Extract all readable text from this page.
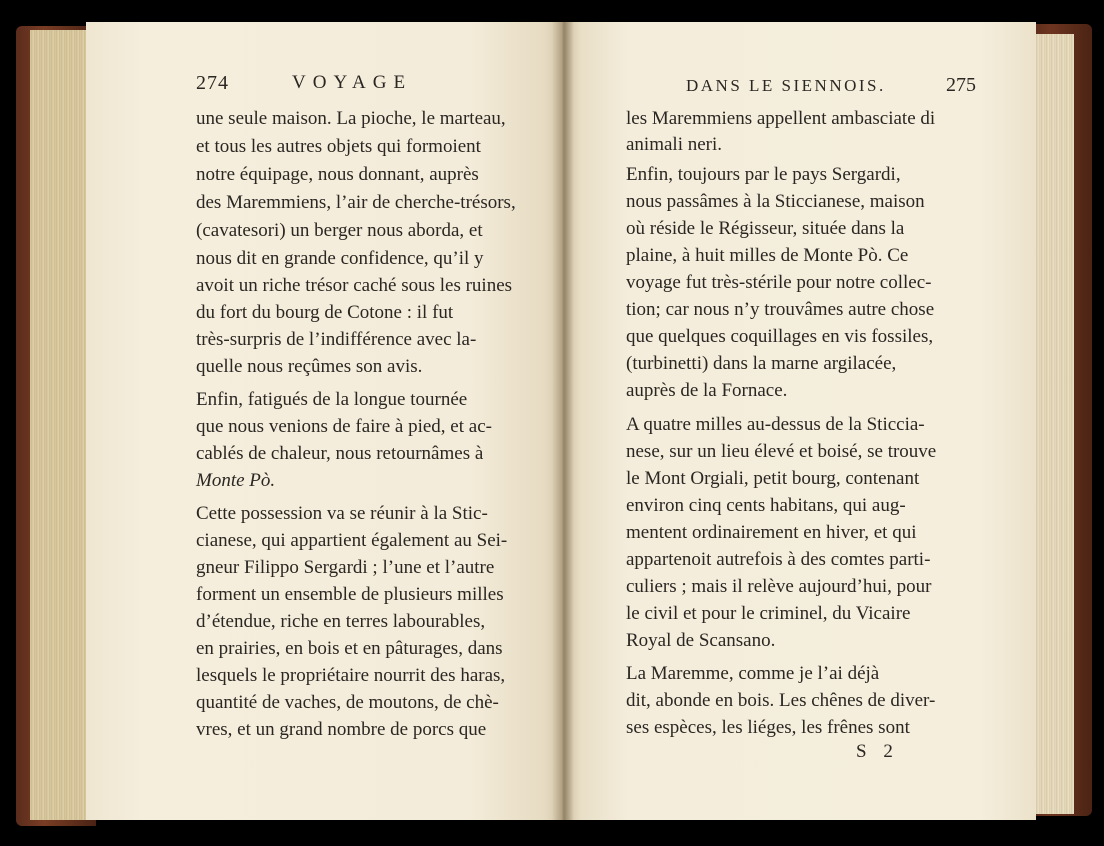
274	VOYAGE	DANS LE SIENNOIS.	275
une seule maison. La pioche, le marteau,
et tous les autres objets qui formoient
notre équipage, nous donnant, auprès
des Maremmiens, l’air de cherche-trésors,
(cavatesori) un berger nous aborda, et
nous dit en grande confidence, qu’il y
avoit un riche trésor caché sous les ruines
du fort du bourg de Cotone : il fut
très-surpris de l’indifférence avec la-
quelle nous reçûmes son avis.
Enfin, fatigués de la longue tournée
que nous venions de faire à pied, et ac-
cablés de chaleur, nous retournâmes à
Monte Pò.
Cette possession va se réunir à la Stic-
cianese, qui appartient également au Sei-
gneur Filippo Sergardi ; l’une et l’autre
forment un ensemble de plusieurs milles
d’étendue, riche en terres labourables,
en prairies, en bois et en pâturages, dans
lesquels le propriétaire nourrit des haras,
quantité de vaches, de moutons, de chè-
vres, et un grand nombre de porcs que
les Maremmiens appellent ambasciate di
animali neri.
Enfin, toujours par le pays Sergardi,
nous passâmes à la Sticcianese, maison
où réside le Régisseur, située dans la
plaine, à huit milles de Monte Pò. Ce
voyage fut très-stérile pour notre collec-
tion; car nous n’y trouvâmes autre chose
que quelques coquillages en vis fossiles,
(turbinetti) dans la marne argilacée,
auprès de la Fornace.
A quatre milles au-dessus de la Sticcia-
nese, sur un lieu élevé et boisé, se trouve
le Mont Orgiali, petit bourg, contenant
environ cinq cents habitans, qui aug-
mentent ordinairement en hiver, et qui
appartenoit autrefois à des comtes parti-
culiers ; mais il relève aujourd’hui, pour
le civil et pour le criminel, du Vicaire
Royal de Scansano.
La Maremme, comme je l’ai déjà
dit, abonde en bois. Les chênes de diver-
ses espèces, les liéges, les frênes sont
S 2
